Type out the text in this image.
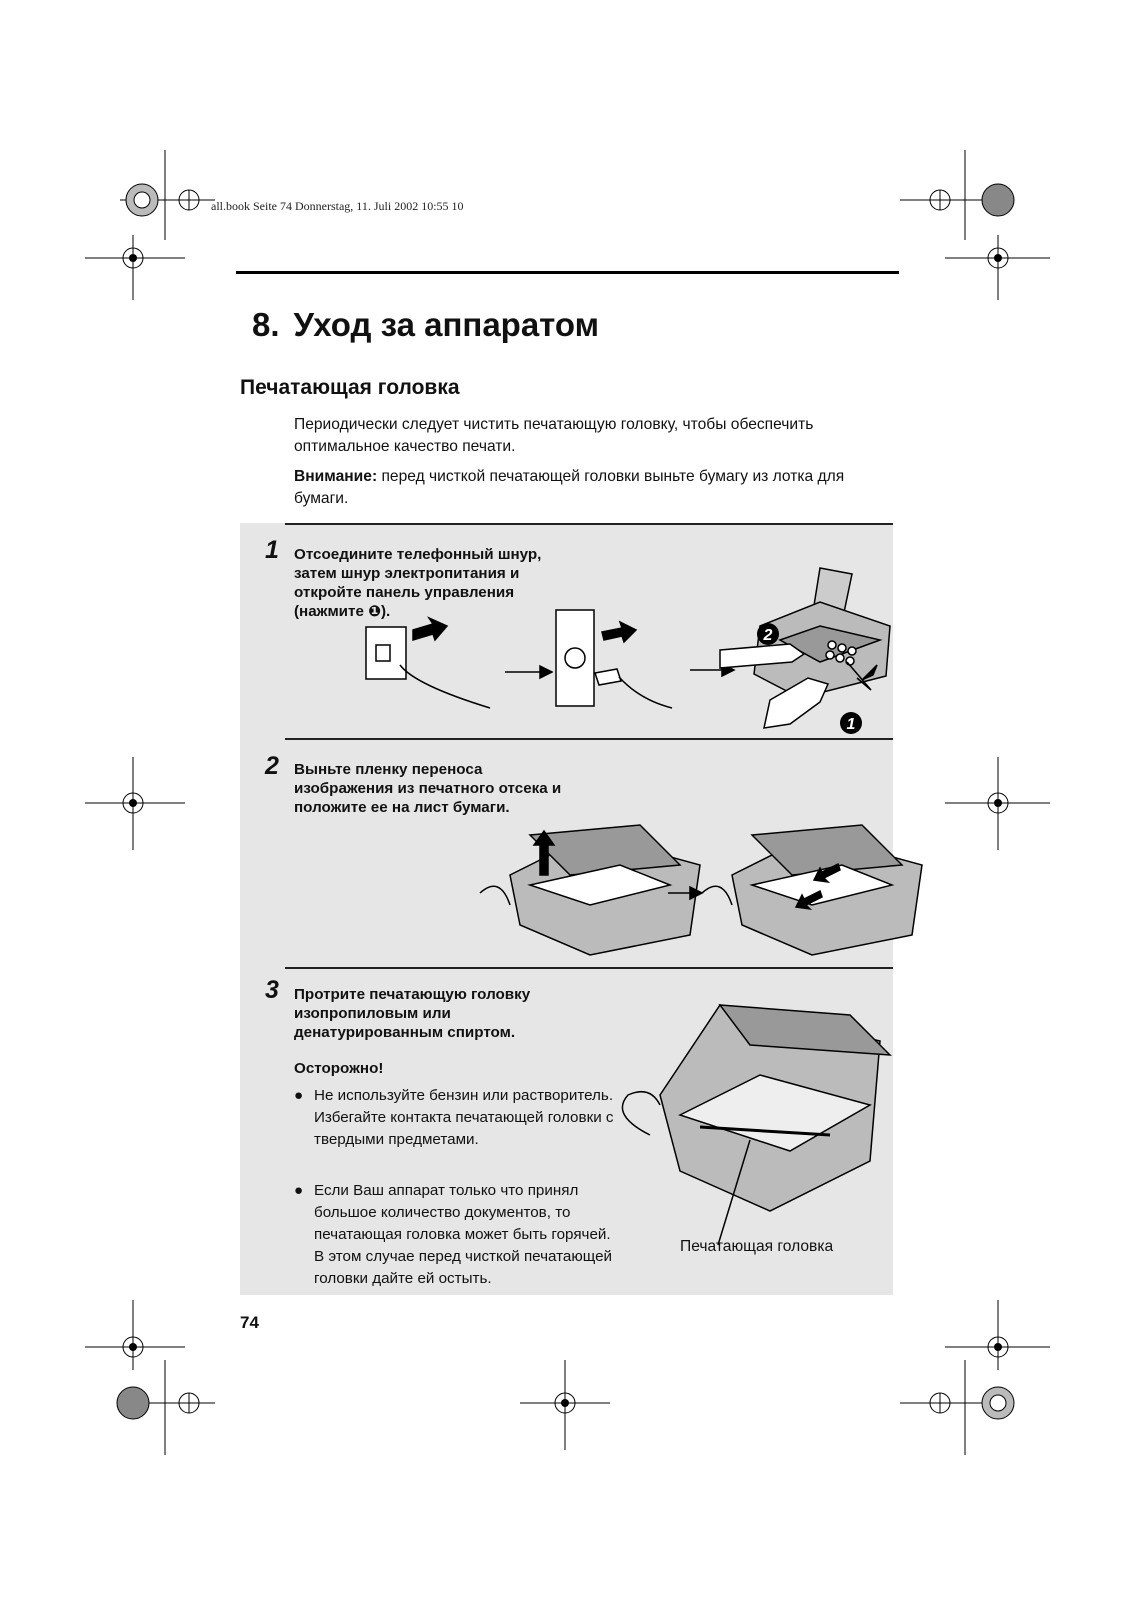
all.book Seite 74 Donnerstag, 11. Juli 2002 10:55 10
8. Уход за аппаратом
Печатающая головка
Периодически следует чистить печатающую головку, чтобы обеспечить оптимальное качество печати.
Внимание: перед чисткой печатающей головки выньте бумагу из лотка для бумаги.
1 Отсоедините телефонный шнур,
затем шнур электропитания и
откройте панель управления
(нажмите ❶).
2
1
2 Выньте пленку переноса
изображения из печатного отсека и
положите ее на лист бумаги.
3 Протрите печатающую головку
изопропиловым или
денатурированным спиртом.
Осторожно!
● Не используйте бензин или растворитель. Избегайте контакта печатающей головки с твердыми предметами.
● Если Ваш аппарат только что принял большое количество документов, то печатающая головка может быть горячей. В этом случае перед чисткой печатающей головки дайте ей остыть.
Печатающая головка
74
